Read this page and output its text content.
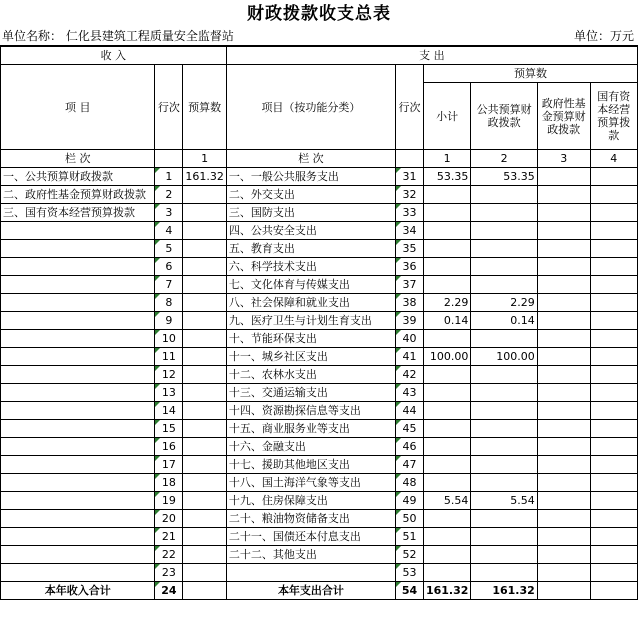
财政拨款收支总表
单位名称： 仁化县建筑工程质量安全监督站	单位：万元
收 入			支 出					
项 目	行次	预算数	项目（按功能分类）	行次	预算数			
					小计	公共预算财政拨款	政府性基金预算财政拨款	国有资本经营预算拨款
栏 次		1	栏 次		1	2	3	4
一、公共预算财政拨款	1	161.32	一、一般公共服务支出	31	53.35	53.35		
二、政府性基金预算财政拨款	2		二、外交支出	32				
三、国有资本经营预算拨款	3		三、国防支出	33				
	4		四、公共安全支出	34				
	5		五、教育支出	35				
	6		六、科学技术支出	36				
	7		七、文化体育与传媒支出	37				
	8		八、社会保障和就业支出	38	2.29	2.29		
	9		九、医疗卫生与计划生育支出	39	0.14	0.14		
	10		十、节能环保支出	40				
	11		十一、城乡社区支出	41	100.00	100.00		
	12		十二、农林水支出	42				
	13		十三、交通运输支出	43				
	14		十四、资源勘探信息等支出	44				
	15		十五、商业服务业等支出	45				
	16		十六、金融支出	46				
	17		十七、援助其他地区支出	47				
	18		十八、国土海洋气象等支出	48				
	19		十九、住房保障支出	49	5.54	5.54		
	20		二十、粮油物资储备支出	50				
	21		二十一、国债还本付息支出	51				
	22		二十二、其他支出	52				
	23			53				
本年收入合计	24		本年支出合计	54	161.32	161.32		
